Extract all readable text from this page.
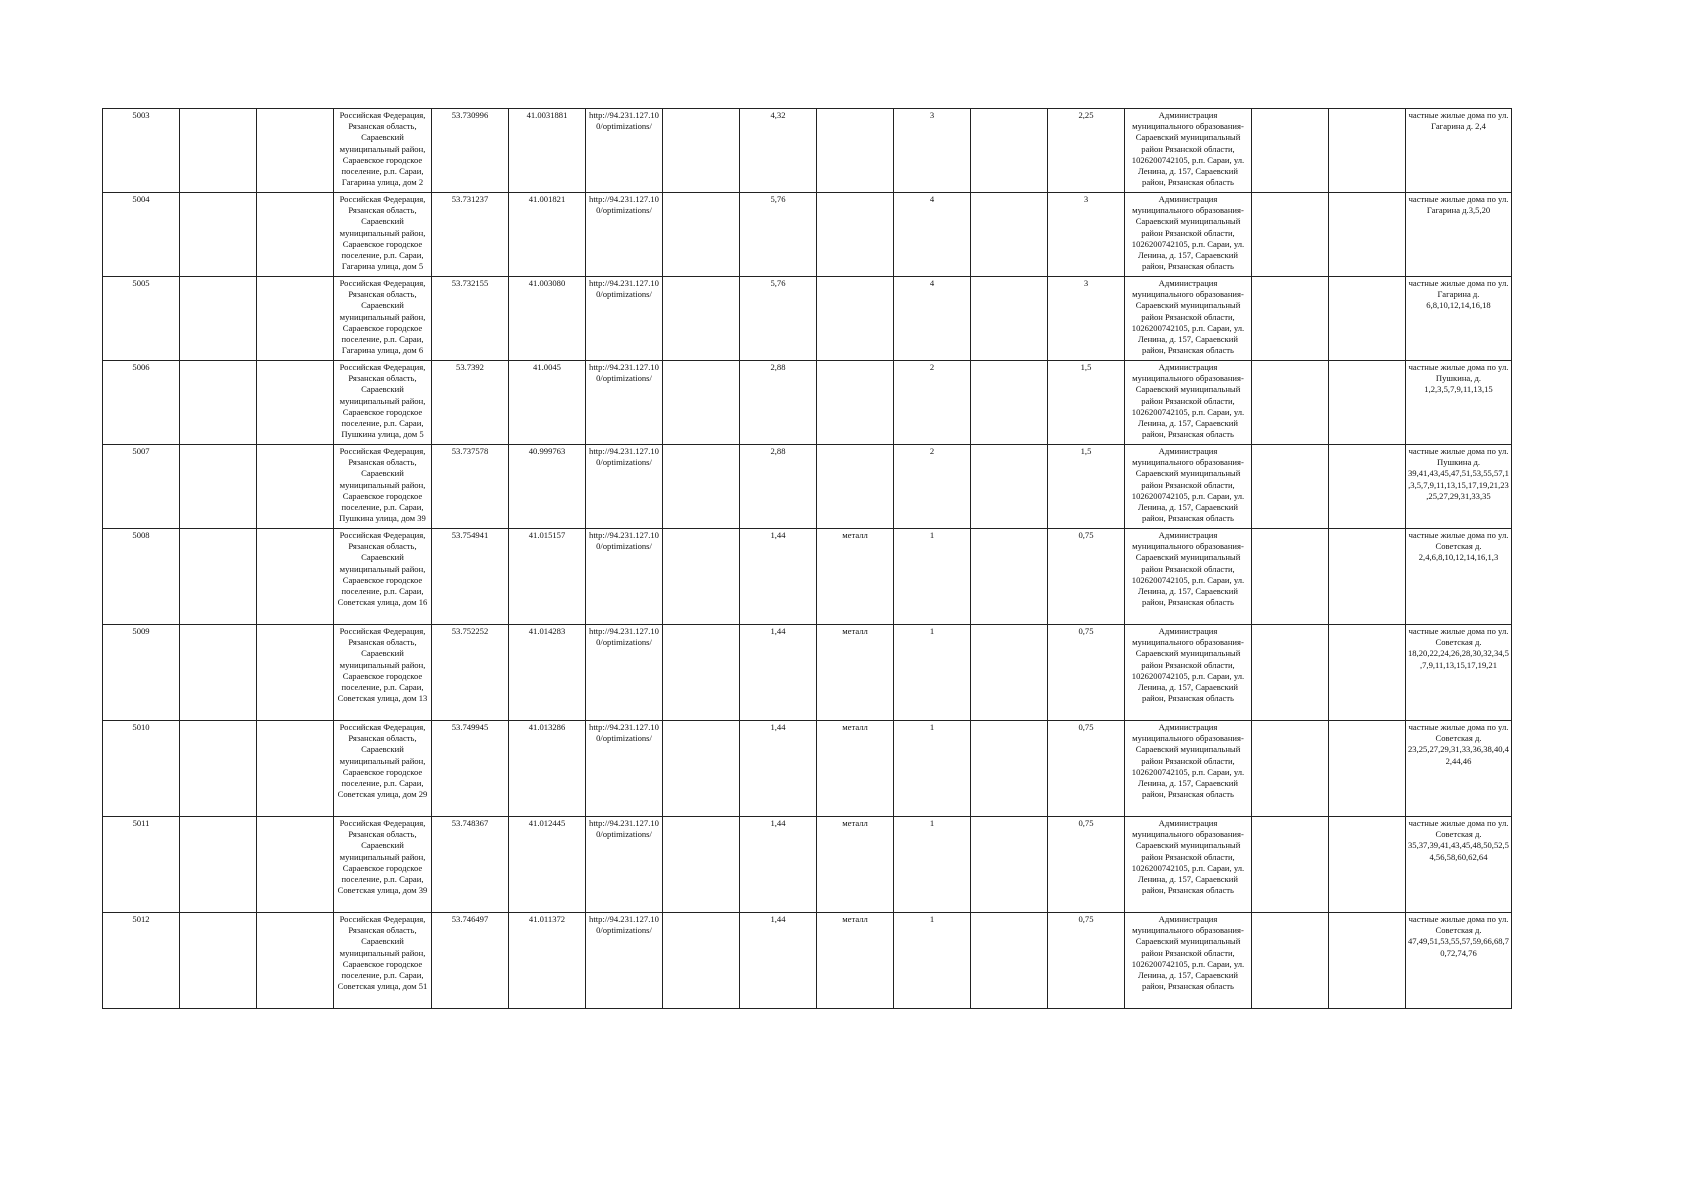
5003			Российская Федерация, Рязанская область, Сараевский муниципальный район, Сараевское городское поселение, р.п. Сараи, Гагарина улица, дом 2	53.730996	41.0031881	http://94.231.127.100/optimizations/		4,32		3		2,25	Администрация муниципального образования-Сараевский муниципальный район Рязанской области, 1026200742105, р.п. Сараи, ул. Ленина, д. 157, Сараевский район, Рязанская область			частные жилые дома по ул. Гагарина д. 2,4
5004			Российская Федерация, Рязанская область, Сараевский муниципальный район, Сараевское городское поселение, р.п. Сараи, Гагарина улица, дом 5	53.731237	41.001821	http://94.231.127.100/optimizations/		5,76		4		3	Администрация муниципального образования-Сараевский муниципальный район Рязанской области, 1026200742105, р.п. Сараи, ул. Ленина, д. 157, Сараевский район, Рязанская область			частные жилые дома по ул. Гагарина д.3,5,20
5005			Российская Федерация, Рязанская область, Сараевский муниципальный район, Сараевское городское поселение, р.п. Сараи, Гагарина улица, дом 6	53.732155	41.003080	http://94.231.127.100/optimizations/		5,76		4		3	Администрация муниципального образования-Сараевский муниципальный район Рязанской области, 1026200742105, р.п. Сараи, ул. Ленина, д. 157, Сараевский район, Рязанская область			частные жилые дома по ул. Гагарина д. 6,8,10,12,14,16,18
5006			Российская Федерация, Рязанская область, Сараевский муниципальный район, Сараевское городское поселение, р.п. Сараи, Пушкина улица, дом 5	53.7392	41.0045	http://94.231.127.100/optimizations/		2,88		2		1,5	Администрация муниципального образования-Сараевский муниципальный район Рязанской области, 1026200742105, р.п. Сараи, ул. Ленина, д. 157, Сараевский район, Рязанская область			частные жилые дома по ул. Пушкина, д. 1,2,3,5,7,9,11,13,15
5007			Российская Федерация, Рязанская область, Сараевский муниципальный район, Сараевское городское поселение, р.п. Сараи, Пушкина улица, дом 39	53.737578	40.999763	http://94.231.127.100/optimizations/		2,88		2		1,5	Администрация муниципального образования-Сараевский муниципальный район Рязанской области, 1026200742105, р.п. Сараи, ул. Ленина, д. 157, Сараевский район, Рязанская область			частные жилые дома по ул. Пушкина д. 39,41,43,45,47,51,53,55,57,1,3,5,7,9,11,13,15,17,19,21,23,25,27,29,31,33,35
5008			Российская Федерация, Рязанская область, Сараевский муниципальный район, Сараевское городское поселение, р.п. Сараи, Советская улица, дом 16	53.754941	41.015157	http://94.231.127.100/optimizations/		1,44	металл	1		0,75	Администрация муниципального образования-Сараевский муниципальный район Рязанской области, 1026200742105, р.п. Сараи, ул. Ленина, д. 157, Сараевский район, Рязанская область			частные жилые дома по ул. Советская д. 2,4,6,8,10,12,14,16,1,3
5009			Российская Федерация, Рязанская область, Сараевский муниципальный район, Сараевское городское поселение, р.п. Сараи, Советская улица, дом 13	53.752252	41.014283	http://94.231.127.100/optimizations/		1,44	металл	1		0,75	Администрация муниципального образования-Сараевский муниципальный район Рязанской области, 1026200742105, р.п. Сараи, ул. Ленина, д. 157, Сараевский район, Рязанская область			частные жилые дома по ул. Советская д. 18,20,22,24,26,28,30,32,34,5,7,9,11,13,15,17,19,21
5010			Российская Федерация, Рязанская область, Сараевский муниципальный район, Сараевское городское поселение, р.п. Сараи, Советская улица, дом 29	53.749945	41.013286	http://94.231.127.100/optimizations/		1,44	металл	1		0,75	Администрация муниципального образования-Сараевский муниципальный район Рязанской области, 1026200742105, р.п. Сараи, ул. Ленина, д. 157, Сараевский район, Рязанская область			частные жилые дома по ул. Советская д. 23,25,27,29,31,33,36,38,40,42,44,46
5011			Российская Федерация, Рязанская область, Сараевский муниципальный район, Сараевское городское поселение, р.п. Сараи, Советская улица, дом 39	53.748367	41.012445	http://94.231.127.100/optimizations/		1,44	металл	1		0,75	Администрация муниципального образования-Сараевский муниципальный район Рязанской области, 1026200742105, р.п. Сараи, ул. Ленина, д. 157, Сараевский район, Рязанская область			частные жилые дома по ул. Советская д. 35,37,39,41,43,45,48,50,52,54,56,58,60,62,64
5012			Российская Федерация, Рязанская область, Сараевский муниципальный район, Сараевское городское поселение, р.п. Сараи, Советская улица, дом 51	53.746497	41.011372	http://94.231.127.100/optimizations/		1,44	металл	1		0,75	Администрация муниципального образования-Сараевский муниципальный район Рязанской области, 1026200742105, р.п. Сараи, ул. Ленина, д. 157, Сараевский район, Рязанская область			частные жилые дома по ул. Советская д. 47,49,51,53,55,57,59,66,68,70,72,74,76
